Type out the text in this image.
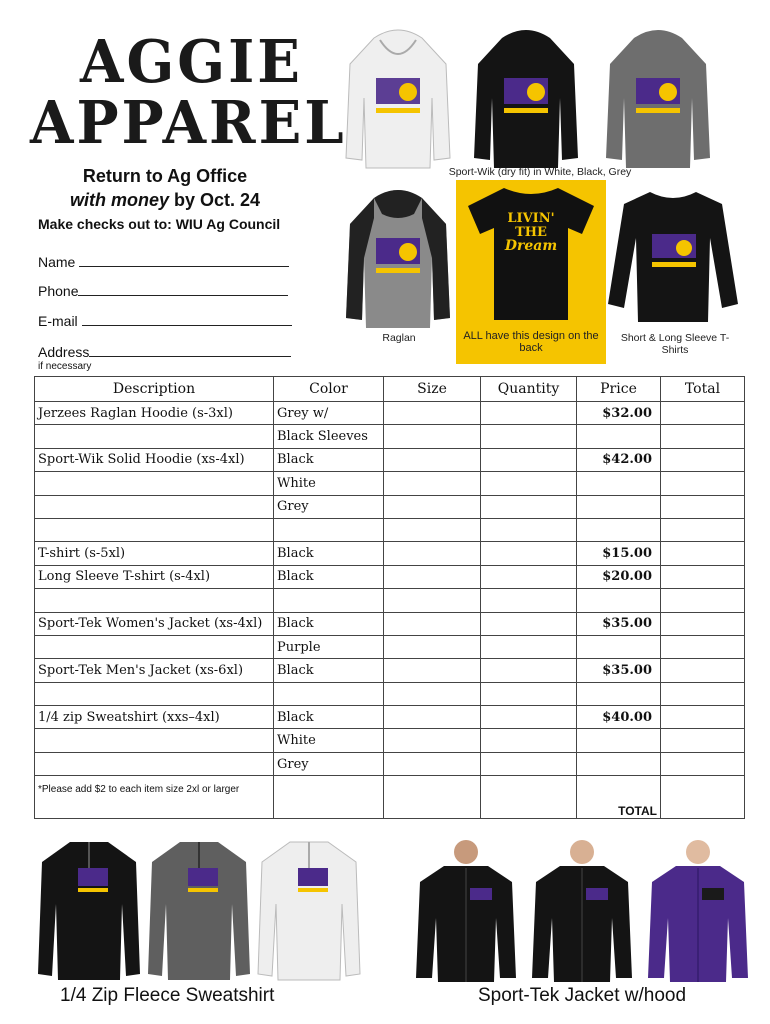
AGGIE
APPAREL
Return to Ag Office
with money by Oct. 24
Make checks out to: WIU Ag Council
Name
Phone
E-mail
Address
if necessary
Sport-Wik (dry fit) in White, Black, Grey
Raglan
LIVIN'
THE
Dream
ALL have this design on the back
Short & Long Sleeve T-Shirts
Description	Color	Size	Quantity	Price	Total
Jerzees Raglan Hoodie (s-3xl)	Grey w/			$32.00	
	Black Sleeves				
Sport-Wik Solid Hoodie (xs-4xl)	Black			$42.00	
	White				
	Grey				

T-shirt (s-5xl)	Black			$15.00	
Long Sleeve T-shirt (s-4xl)	Black			$20.00	

Sport-Tek Women's Jacket (xs-4xl)	Black			$35.00	
	Purple				
Sport-Tek Men's Jacket (xs-6xl)	Black			$35.00	

1/4 zip Sweatshirt (xxs–4xl)	Black			$40.00	
	White				
	Grey				
*Please add $2 to each item size 2xl or larger				TOTAL	
1/4 Zip Fleece Sweatshirt	Sport-Tek Jacket w/hood
